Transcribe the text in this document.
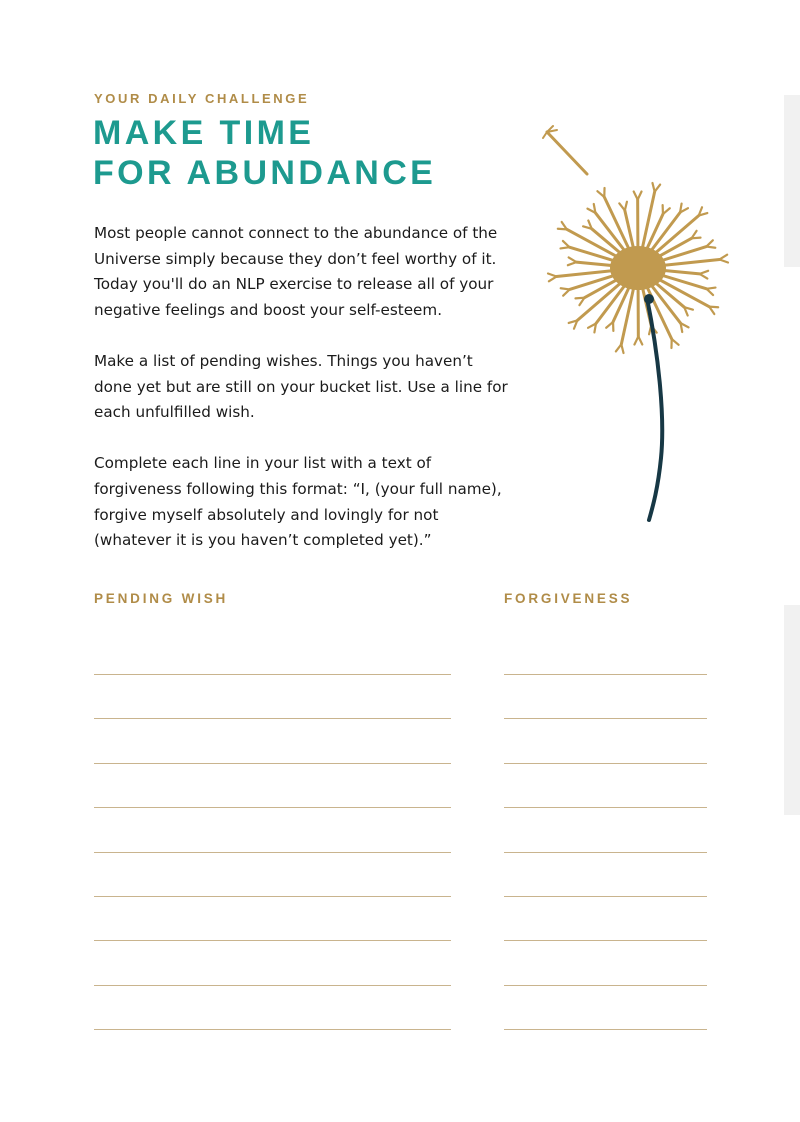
YOUR DAILY CHALLENGE

MAKE TIME
FOR ABUNDANCE

Most people cannot connect to the abundance of the
Universe simply because they don’t feel worthy of it.
Today you'll do an NLP exercise to release all of your
negative feelings and boost your self-esteem.

Make a list of pending wishes. Things you haven’t
done yet but are still on your bucket list. Use a line for
each unfulfilled wish.

Complete each line in your list with a text of
forgiveness following this format: “I, (your full name),
forgive myself absolutely and lovingly for not
(whatever it is you haven’t completed yet).”

PENDING WISH	FORGIVENESS
